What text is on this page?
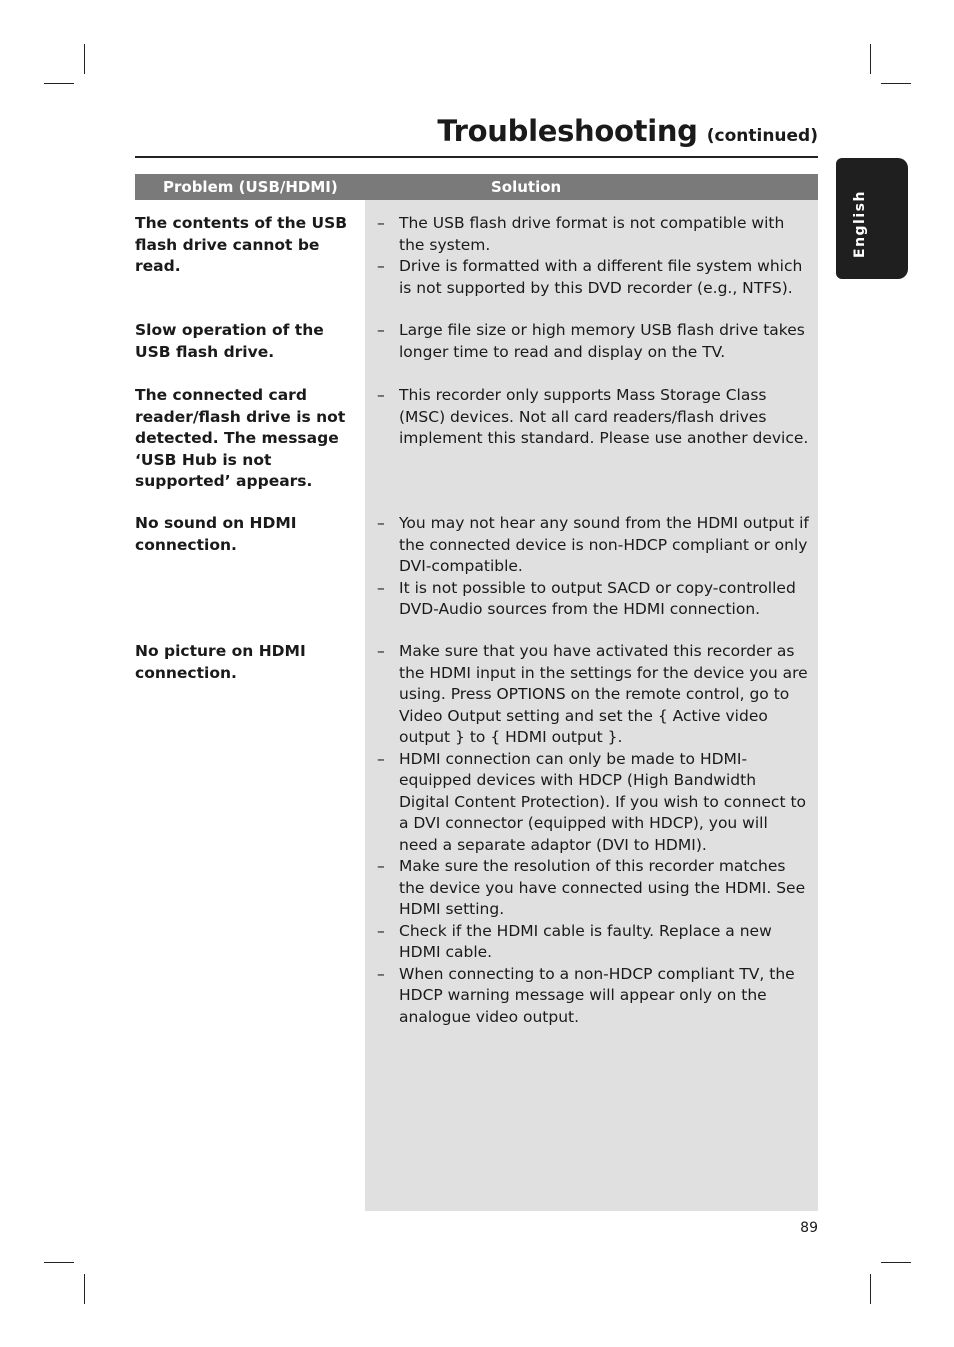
Troubleshooting (continued)
English
Problem (USB/HDMI)	Solution
The contents of the USB flash drive cannot be read.
– The USB flash drive format is not compatible with the system.
– Drive is formatted with a different file system which is not supported by this DVD recorder (e.g., NTFS).
Slow operation of the USB flash drive.
– Large file size or high memory USB flash drive takes longer time to read and display on the TV.
The connected card reader/flash drive is not detected. The message ‘USB Hub is not supported’ appears.
– This recorder only supports Mass Storage Class (MSC) devices. Not all card readers/flash drives implement this standard. Please use another device.
No sound on HDMI connection.
– You may not hear any sound from the HDMI output if the connected device is non-HDCP compliant or only DVI-compatible.
– It is not possible to output SACD or copy-controlled DVD-Audio sources from the HDMI connection.
No picture on HDMI connection.
– Make sure that you have activated this recorder as the HDMI input in the settings for the device you are using. Press OPTIONS on the remote control, go to Video Output setting and set the { Active video output } to { HDMI output }.
– HDMI connection can only be made to HDMI-equipped devices with HDCP (High Bandwidth Digital Content Protection). If you wish to connect to a DVI connector (equipped with HDCP), you will need a separate adaptor (DVI to HDMI).
– Make sure the resolution of this recorder matches the device you have connected using the HDMI. See HDMI setting.
– Check if the HDMI cable is faulty. Replace a new HDMI cable.
– When connecting to a non-HDCP compliant TV, the HDCP warning message will appear only on the analogue video output.
89
